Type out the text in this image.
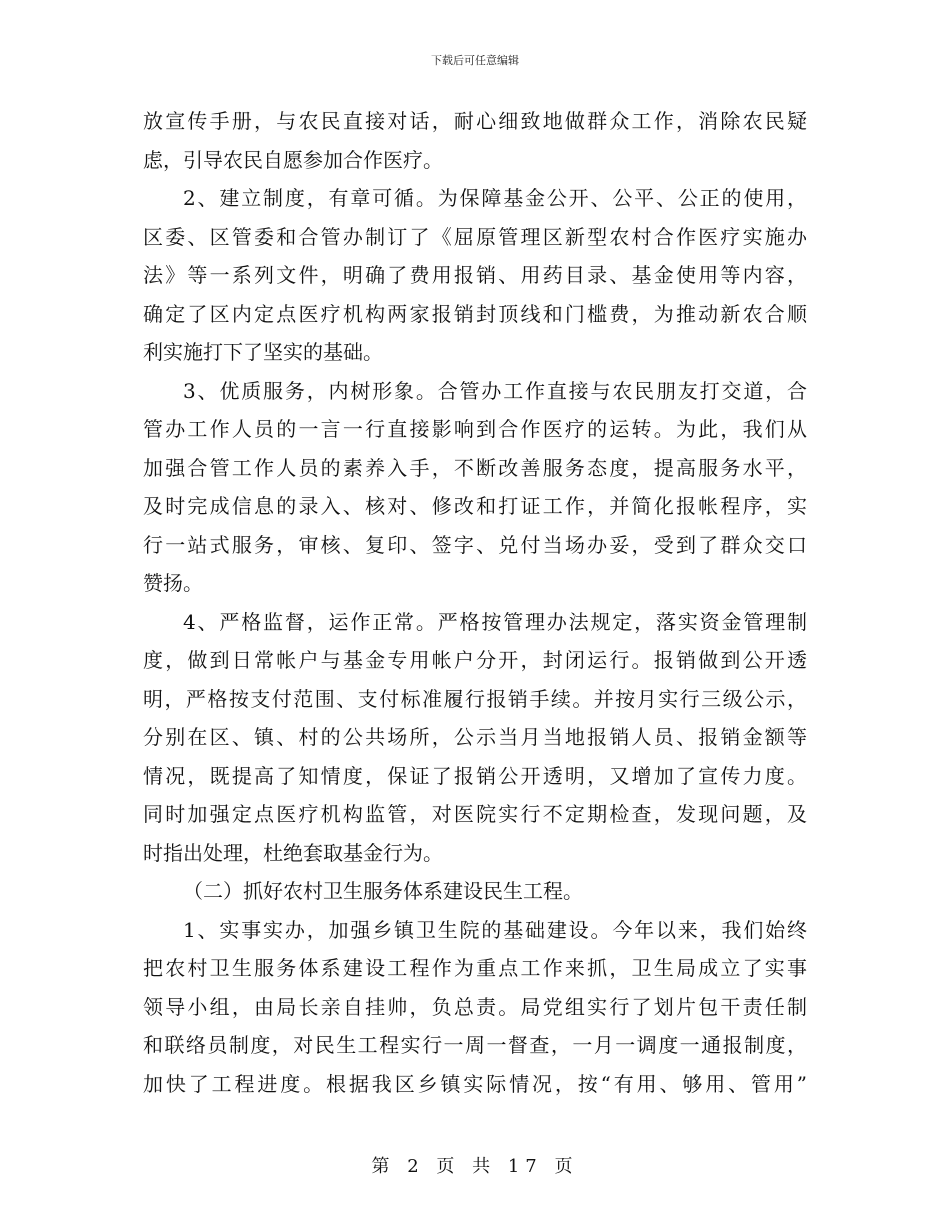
下载后可任意编辑
放宣传手册，与农民直接对话，耐心细致地做群众工作，消除农民疑
虑，引导农民自愿参加合作医疗。
2、建立制度，有章可循。为保障基金公开、公平、公正的使用，
区委、区管委和合管办制订了《屈原管理区新型农村合作医疗实施办
法》等一系列文件，明确了费用报销、用药目录、基金使用等内容，
确定了区内定点医疗机构两家报销封顶线和门槛费，为推动新农合顺
利实施打下了坚实的基础。
3、优质服务，内树形象。合管办工作直接与农民朋友打交道，合
管办工作人员的一言一行直接影响到合作医疗的运转。为此，我们从
加强合管工作人员的素养入手，不断改善服务态度，提高服务水平，
及时完成信息的录入、核对、修改和打证工作，并简化报帐程序，实
行一站式服务，审核、复印、签字、兑付当场办妥，受到了群众交口
赞扬。
4、严格监督，运作正常。严格按管理办法规定，落实资金管理制
度，做到日常帐户与基金专用帐户分开，封闭运行。报销做到公开透
明，严格按支付范围、支付标准履行报销手续。并按月实行三级公示，
分别在区、镇、村的公共场所，公示当月当地报销人员、报销金额等
情况，既提高了知情度，保证了报销公开透明，又增加了宣传力度。
同时加强定点医疗机构监管，对医院实行不定期检查，发现问题，及
时指出处理，杜绝套取基金行为。
（二）抓好农村卫生服务体系建设民生工程。
1、实事实办，加强乡镇卫生院的基础建设。今年以来，我们始终
把农村卫生服务体系建设工程作为重点工作来抓，卫生局成立了实事
领导小组，由局长亲自挂帅，负总责。局党组实行了划片包干责任制
和联络员制度，对民生工程实行一周一督查，一月一调度一通报制度，
加快了工程进度。根据我区乡镇实际情况，按“有用、够用、管用”
第 2 页 共 17 页
